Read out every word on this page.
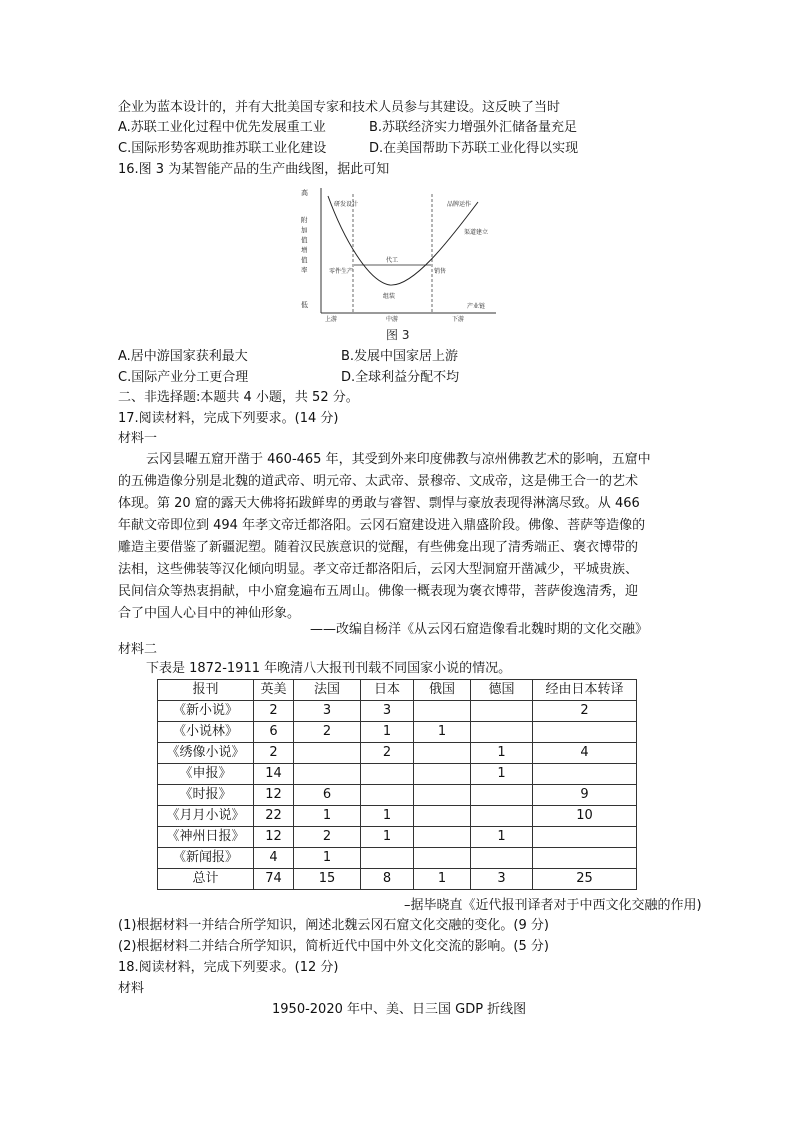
企业为蓝本设计的，并有大批美国专家和技术人员参与其建设。这反映了当时
A.苏联工业化过程中优先发展重工业	B.苏联经济实力增强外汇储备量充足
C.国际形势客观助推苏联工业化建设	D.在美国帮助下苏联工业化得以实现
16.图 3 为某智能产品的生产曲线图，据此可知
高
低
附
加
值
增
值
率
研发设计	品牌运作
渠道建立
零件生产
代工
销售
组装
产业链
上游	中游	下游
图 3
A.居中游国家获利最大	B.发展中国家居上游
C.国际产业分工更合理	D.全球利益分配不均
二、非选择题:本题共 4 小题，共 52 分。
17.阅读材料，完成下列要求。(14 分)
材料一
云冈昙曜五窟开凿于 460-465 年，其受到外来印度佛教与凉州佛教艺术的影响，五窟中
的五佛造像分别是北魏的道武帝、明元帝、太武帝、景穆帝、文成帝，这是佛王合一的艺术
体现。第 20 窟的露天大佛将拓跋鲜卑的勇敢与睿智、剽悍与豪放表现得淋漓尽致。从 466
年献文帝即位到 494 年孝文帝迁都洛阳。云冈石窟建设进入鼎盛阶段。佛像、菩萨等造像的
雕造主要借鉴了新疆泥塑。随着汉民族意识的觉醒，有些佛龛出现了清秀端正、褒衣博带的
法相，这些佛装等汉化倾向明显。孝文帝迁都洛阳后，云冈大型洞窟开凿减少，平城贵族、
民间信众等热衷捐献，中小窟龛遍布五周山。佛像一概表现为褒衣博带，菩萨俊逸清秀，迎
合了中国人心目中的神仙形象。
——改编自杨洋《从云冈石窟造像看北魏时期的文化交融》
材料二
下表是 1872-1911 年晚清八大报刊刊载不同国家小说的情况。
报刊	英美	法国	日本	俄国	德国	经由日本转译
《新小说》	2	3	3			2
《小说林》	6	2	1	1		
《绣像小说》	2		2		1	4
《申报》	14				1	
《时报》	12	6				9
《月月小说》	22	1	1			10
《神州日报》	12	2	1		1	
《新闻报》	4	1				
总计	74	15	8	1	3	25
–据毕晓直《近代报刊译者对于中西文化交融的作用)
(1)根据材料一并结合所学知识，阐述北魏云冈石窟文化交融的变化。(9 分)
(2)根据材料二并结合所学知识，简析近代中国中外文化交流的影响。(5 分)
18.阅读材料，完成下列要求。(12 分)
材料
1950-2020 年中、美、日三国 GDP 折线图
